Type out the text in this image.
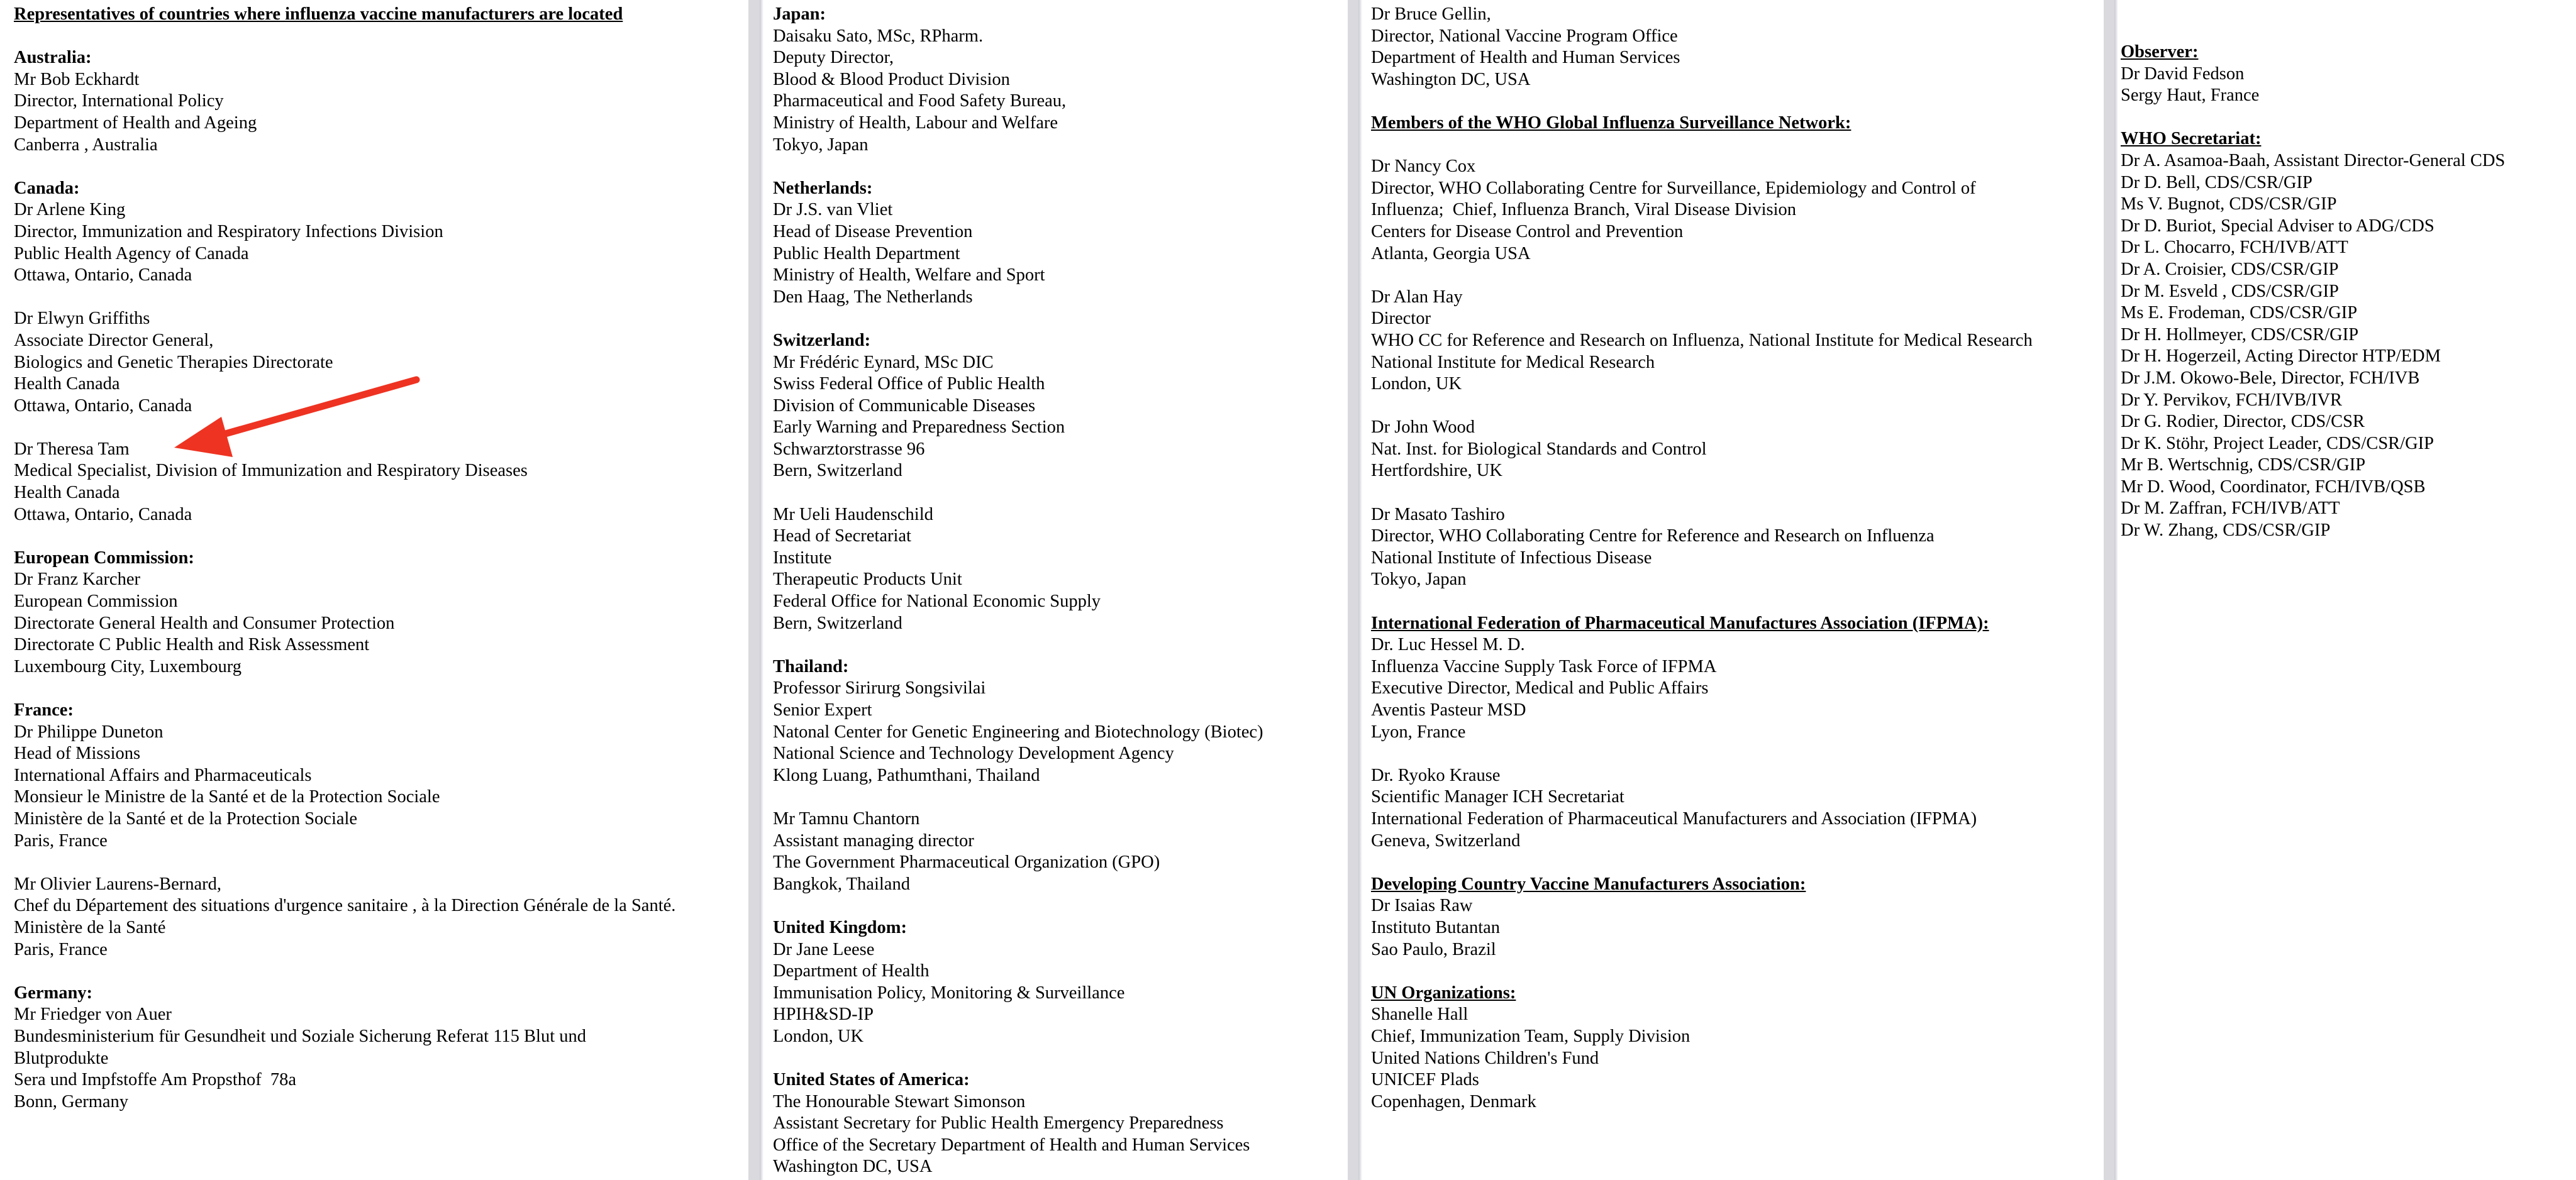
Representatives of countries where influenza vaccine manufacturers are located
Australia:
Mr Bob Eckhardt
Director, International Policy
Department of Health and Ageing
Canberra , Australia
Canada:
Dr Arlene King
Director, Immunization and Respiratory Infections Division
Public Health Agency of Canada
Ottawa, Ontario, Canada
Dr Elwyn Griffiths
Associate Director General,
Biologics and Genetic Therapies Directorate
Health Canada
Ottawa, Ontario, Canada
Dr Theresa Tam
Medical Specialist, Division of Immunization and Respiratory Diseases
Health Canada
Ottawa, Ontario, Canada
European Commission:
Dr Franz Karcher
European Commission
Directorate General Health and Consumer Protection
Directorate C Public Health and Risk Assessment
Luxembourg City, Luxembourg
France:
Dr Philippe Duneton
Head of Missions
International Affairs and Pharmaceuticals
Monsieur le Ministre de la Santé et de la Protection Sociale
Ministère de la Santé et de la Protection Sociale
Paris, France
Mr Olivier Laurens-Bernard,
Chef du Département des situations d'urgence sanitaire , à la Direction Générale de la Santé.
Ministère de la Santé
Paris, France
Germany:
Mr Friedger von Auer
Bundesministerium für Gesundheit und Soziale Sicherung Referat 115 Blut und
Blutprodukte
Sera und Impfstoffe Am Propsthof  78a
Bonn, Germany
Japan:
Daisaku Sato, MSc, RPharm.
Deputy Director,
Blood & Blood Product Division
Pharmaceutical and Food Safety Bureau,
Ministry of Health, Labour and Welfare
Tokyo, Japan
Netherlands:
Dr J.S. van Vliet
Head of Disease Prevention
Public Health Department
Ministry of Health, Welfare and Sport
Den Haag, The Netherlands
Switzerland:
Mr Frédéric Eynard, MSc DIC
Swiss Federal Office of Public Health
Division of Communicable Diseases
Early Warning and Preparedness Section
Schwarztorstrasse 96
Bern, Switzerland
Mr Ueli Haudenschild
Head of Secretariat
Institute
Therapeutic Products Unit
Federal Office for National Economic Supply
Bern, Switzerland
Thailand:
Professor Sirirurg Songsivilai
Senior Expert
Natonal Center for Genetic Engineering and Biotechnology (Biotec)
National Science and Technology Development Agency
Klong Luang, Pathumthani, Thailand
Mr Tamnu Chantorn
Assistant managing director
The Government Pharmaceutical Organization (GPO)
Bangkok, Thailand
United Kingdom:
Dr Jane Leese
Department of Health
Immunisation Policy, Monitoring & Surveillance
HPIH&SD-IP
London, UK
United States of America:
The Honourable Stewart Simonson
Assistant Secretary for Public Health Emergency Preparedness
Office of the Secretary Department of Health and Human Services
Washington DC, USA
Dr Bruce Gellin,
Director, National Vaccine Program Office
Department of Health and Human Services
Washington DC, USA
Members of the WHO Global Influenza Surveillance Network:
Dr Nancy Cox
Director, WHO Collaborating Centre for Surveillance, Epidemiology and Control of
Influenza;  Chief, Influenza Branch, Viral Disease Division
Centers for Disease Control and Prevention
Atlanta, Georgia USA
Dr Alan Hay
Director
WHO CC for Reference and Research on Influenza, National Institute for Medical Research
National Institute for Medical Research
London, UK
Dr John Wood
Nat. Inst. for Biological Standards and Control
Hertfordshire, UK
Dr Masato Tashiro
Director, WHO Collaborating Centre for Reference and Research on Influenza
National Institute of Infectious Disease
Tokyo, Japan
International Federation of Pharmaceutical Manufactures Association (IFPMA):
Dr. Luc Hessel M. D.
Influenza Vaccine Supply Task Force of IFPMA
Executive Director, Medical and Public Affairs
Aventis Pasteur MSD
Lyon, France
Dr. Ryoko Krause
Scientific Manager ICH Secretariat
International Federation of Pharmaceutical Manufacturers and Association (IFPMA)
Geneva, Switzerland
Developing Country Vaccine Manufacturers Association:
Dr Isaias Raw
Instituto Butantan
Sao Paulo, Brazil
UN Organizations:
Shanelle Hall
Chief, Immunization Team, Supply Division
United Nations Children's Fund
UNICEF Plads
Copenhagen, Denmark
Observer:
Dr David Fedson
Sergy Haut, France
WHO Secretariat:
Dr A. Asamoa-Baah, Assistant Director-General CDS
Dr D. Bell, CDS/CSR/GIP
Ms V. Bugnot, CDS/CSR/GIP
Dr D. Buriot, Special Adviser to ADG/CDS
Dr L. Chocarro, FCH/IVB/ATT
Dr A. Croisier, CDS/CSR/GIP
Dr M. Esveld , CDS/CSR/GIP
Ms E. Frodeman, CDS/CSR/GIP
Dr H. Hollmeyer, CDS/CSR/GIP
Dr H. Hogerzeil, Acting Director HTP/EDM
Dr J.M. Okowo-Bele, Director, FCH/IVB
Dr Y. Pervikov, FCH/IVB/IVR
Dr G. Rodier, Director, CDS/CSR
Dr K. Stöhr, Project Leader, CDS/CSR/GIP
Mr B. Wertschnig, CDS/CSR/GIP
Mr D. Wood, Coordinator, FCH/IVB/QSB
Dr M. Zaffran, FCH/IVB/ATT
Dr W. Zhang, CDS/CSR/GIP
